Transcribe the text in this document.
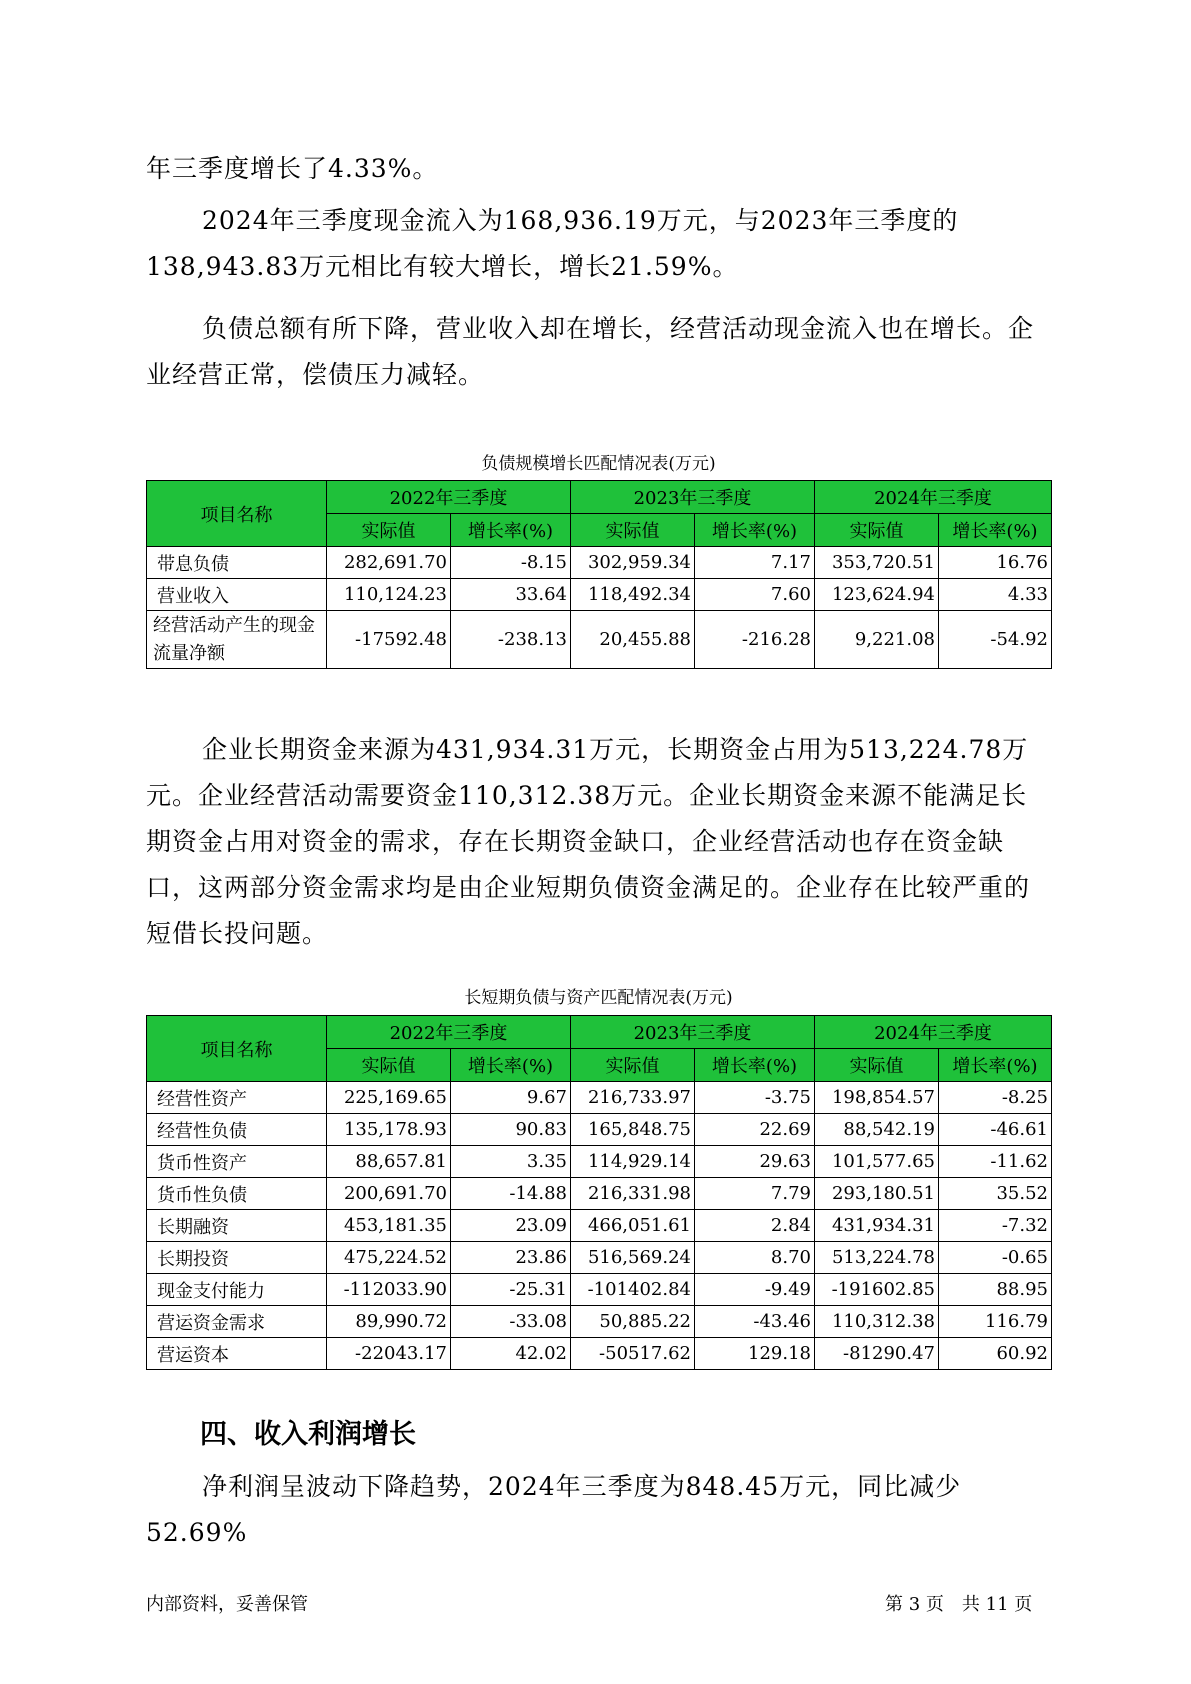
年三季度增长了4.33%。

2024年三季度现金流入为168,936.19万元，与2023年三季度的138,943.83万元相比有较大增长，增长21.59%。

负债总额有所下降，营业收入却在增长，经营活动现金流入也在增长。企业经营正常，偿债压力减轻。

负债规模增长匹配情况表(万元)
项目名称	2022年三季度		2023年三季度		2024年三季度	
	实际值	增长率(%)	实际值	增长率(%)	实际值	增长率(%)
带息负债	282,691.70	-8.15	302,959.34	7.17	353,720.51	16.76
营业收入	110,124.23	33.64	118,492.34	7.60	123,624.94	4.33
经营活动产生的现金流量净额	-17592.48	-238.13	20,455.88	-216.28	9,221.08	-54.92

企业长期资金来源为431,934.31万元，长期资金占用为513,224.78万元。企业经营活动需要资金110,312.38万元。企业长期资金来源不能满足长期资金占用对资金的需求，存在长期资金缺口，企业经营活动也存在资金缺口，这两部分资金需求均是由企业短期负债资金满足的。企业存在比较严重的短借长投问题。

长短期负债与资产匹配情况表(万元)
项目名称	2022年三季度		2023年三季度		2024年三季度	
	实际值	增长率(%)	实际值	增长率(%)	实际值	增长率(%)
经营性资产	225,169.65	9.67	216,733.97	-3.75	198,854.57	-8.25
经营性负债	135,178.93	90.83	165,848.75	22.69	88,542.19	-46.61
货币性资产	88,657.81	3.35	114,929.14	29.63	101,577.65	-11.62
货币性负债	200,691.70	-14.88	216,331.98	7.79	293,180.51	35.52
长期融资	453,181.35	23.09	466,051.61	2.84	431,934.31	-7.32
长期投资	475,224.52	23.86	516,569.24	8.70	513,224.78	-0.65
现金支付能力	-112033.90	-25.31	-101402.84	-9.49	-191602.85	88.95
营运资金需求	89,990.72	-33.08	50,885.22	-43.46	110,312.38	116.79
营运资本	-22043.17	42.02	-50517.62	129.18	-81290.47	60.92
四、收入利润增长

净利润呈波动下降趋势，2024年三季度为848.45万元，同比减少52.69%

内部资料，妥善保管	第 3 页　共 11 页
